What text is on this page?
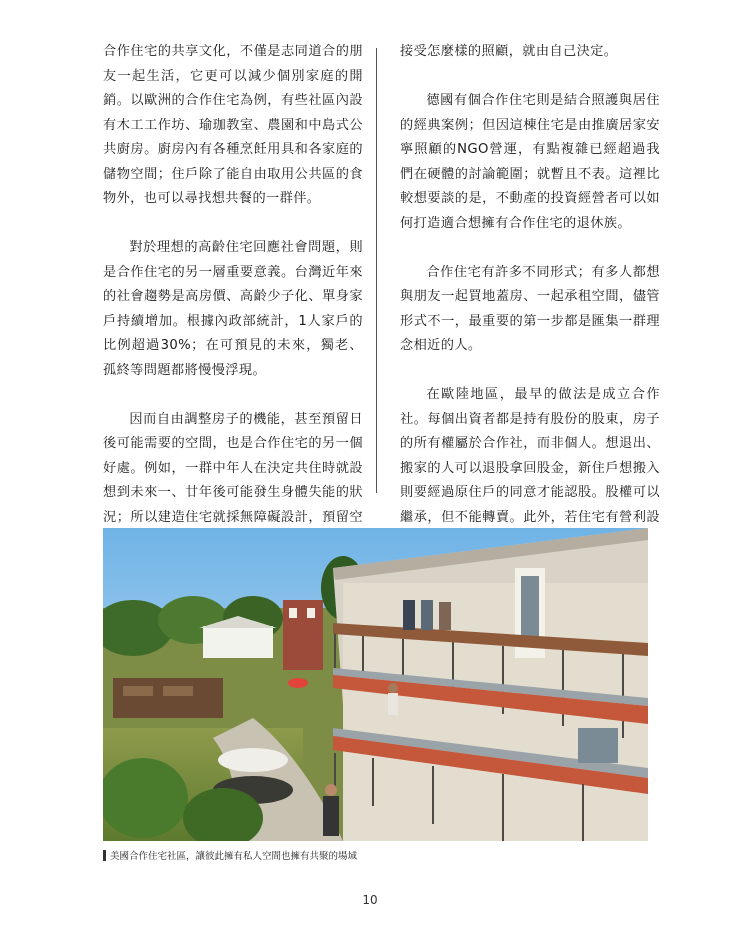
合作住宅的共享文化，不僅是志同道合的朋友一起生活，它更可以減少個別家庭的開銷。以歐洲的合作住宅為例，有些社區內設有木工工作坊、瑜珈教室、農園和中島式公共廚房。廚房內有各種烹飪用具和各家庭的儲物空間；住戶除了能自由取用公共區的食物外，也可以尋找想共餐的一群伴。

對於理想的高齡住宅回應社會問題，則是合作住宅的另一層重要意義。台灣近年來的社會趨勢是高房價、高齡少子化、單身家戶持續增加。根據內政部統計，1人家戶的比例超過30%；在可預見的未來，獨老、孤終等問題都將慢慢浮現。

因而自由調整房子的機能，甚至預留日後可能需要的空間，也是合作住宅的另一個好處。例如，一群中年人在決定共住時就設想到未來一、廿年後可能發生身體失能的狀況；所以建造住宅就採無障礙設計，預留空

接受怎麼樣的照顧，就由自己決定。

德國有個合作住宅則是結合照護與居住的經典案例；但因這棟住宅是由推廣居家安寧照顧的NGO營運，有點複雜已經超過我們在硬體的討論範圍；就暫且不表。這裡比較想要談的是，不動產的投資經營者可以如何打造適合想擁有合作住宅的退休族。

合作住宅有許多不同形式；有多人都想與朋友一起買地蓋房、一起承租空間，儘管形式不一，最重要的第一步都是匯集一群理念相近的人。

在歐陸地區，最早的做法是成立合作社。每個出資者都是持有股份的股東，房子的所有權屬於合作社，而非個人。想退出、搬家的人可以退股拿回股金，新住戶想搬入則要經過原住戶的同意才能認股。股權可以繼承，但不能轉賣。此外，若住宅有營利設

美國合作住宅社區，讓彼此擁有私人空間也擁有共聚的場域
10
